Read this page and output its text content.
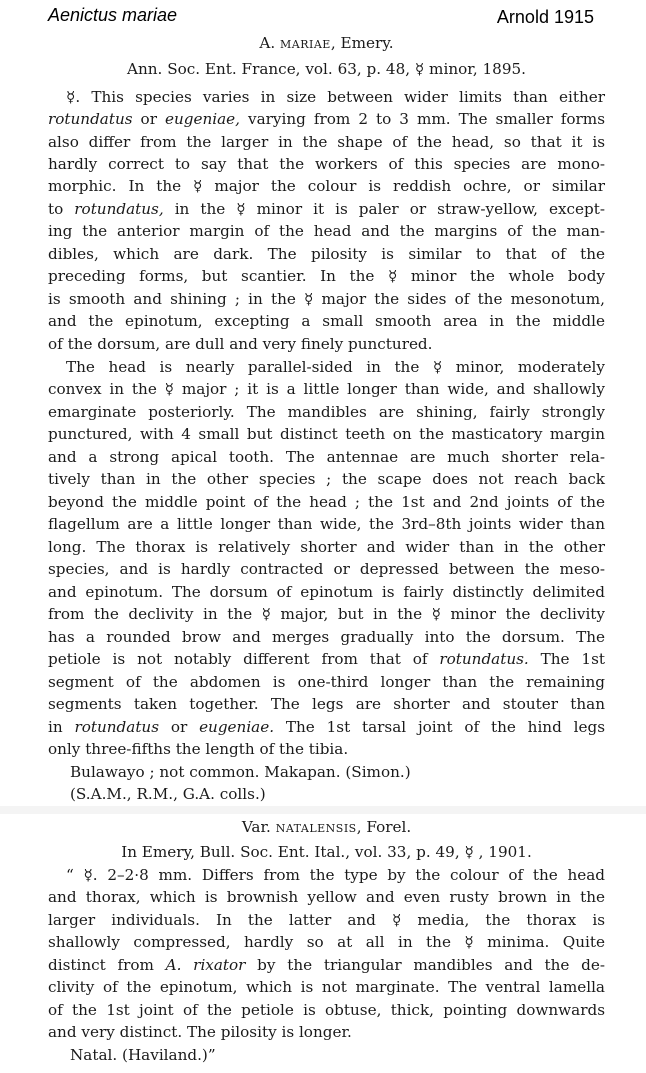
Aenictus mariae	Arnold 1915
A. mariae, Emery.
Ann. Soc. Ent. France, vol. 63, p. 48, ☿ minor, 1895.
☿. This species varies in size between wider limits than either
rotundatus or eugeniae, varying from 2 to 3 mm. The smaller forms
also differ from the larger in the shape of the head, so that it is
hardly correct to say that the workers of this species are mono-
morphic. In the ☿ major the colour is reddish ochre, or similar
to rotundatus, in the ☿ minor it is paler or straw-yellow, except-
ing the anterior margin of the head and the margins of the man-
dibles, which are dark. The pilosity is similar to that of the
preceding forms, but scantier. In the ☿ minor the whole body
is smooth and shining ; in the ☿ major the sides of the mesonotum,
and the epinotum, excepting a small smooth area in the middle
of the dorsum, are dull and very finely punctured.
The head is nearly parallel-sided in the ☿ minor, moderately
convex in the ☿ major ; it is a little longer than wide, and shallowly
emarginate posteriorly. The mandibles are shining, fairly strongly
punctured, with 4 small but distinct teeth on the masticatory margin
and a strong apical tooth. The antennae are much shorter rela-
tively than in the other species ; the scape does not reach back
beyond the middle point of the head ; the 1st and 2nd joints of the
flagellum are a little longer than wide, the 3rd–8th joints wider than
long. The thorax is relatively shorter and wider than in the other
species, and is hardly contracted or depressed between the meso-
and epinotum. The dorsum of epinotum is fairly distinctly delimited
from the declivity in the ☿ major, but in the ☿ minor the declivity
has a rounded brow and merges gradually into the dorsum. The
petiole is not notably different from that of rotundatus. The 1st
segment of the abdomen is one-third longer than the remaining
segments taken together. The legs are shorter and stouter than
in rotundatus or eugeniae. The 1st tarsal joint of the hind legs
only three-fifths the length of the tibia.
Bulawayo ; not common. Makapan. (Simon.)
(S.A.M., R.M., G.A. colls.)
Var. natalensis, Forel.
In Emery, Bull. Soc. Ent. Ital., vol. 33, p. 49, ☿ , 1901.
“ ☿. 2–2·8 mm. Differs from the type by the colour of the head
and thorax, which is brownish yellow and even rusty brown in the
larger individuals. In the latter and ☿ media, the thorax is
shallowly compressed, hardly so at all in the ☿ minima. Quite
distinct from A. rixator by the triangular mandibles and the de-
clivity of the epinotum, which is not marginate. The ventral lamella
of the 1st joint of the petiole is obtuse, thick, pointing downwards
and very distinct. The pilosity is longer.
Natal. (Haviland.)”
